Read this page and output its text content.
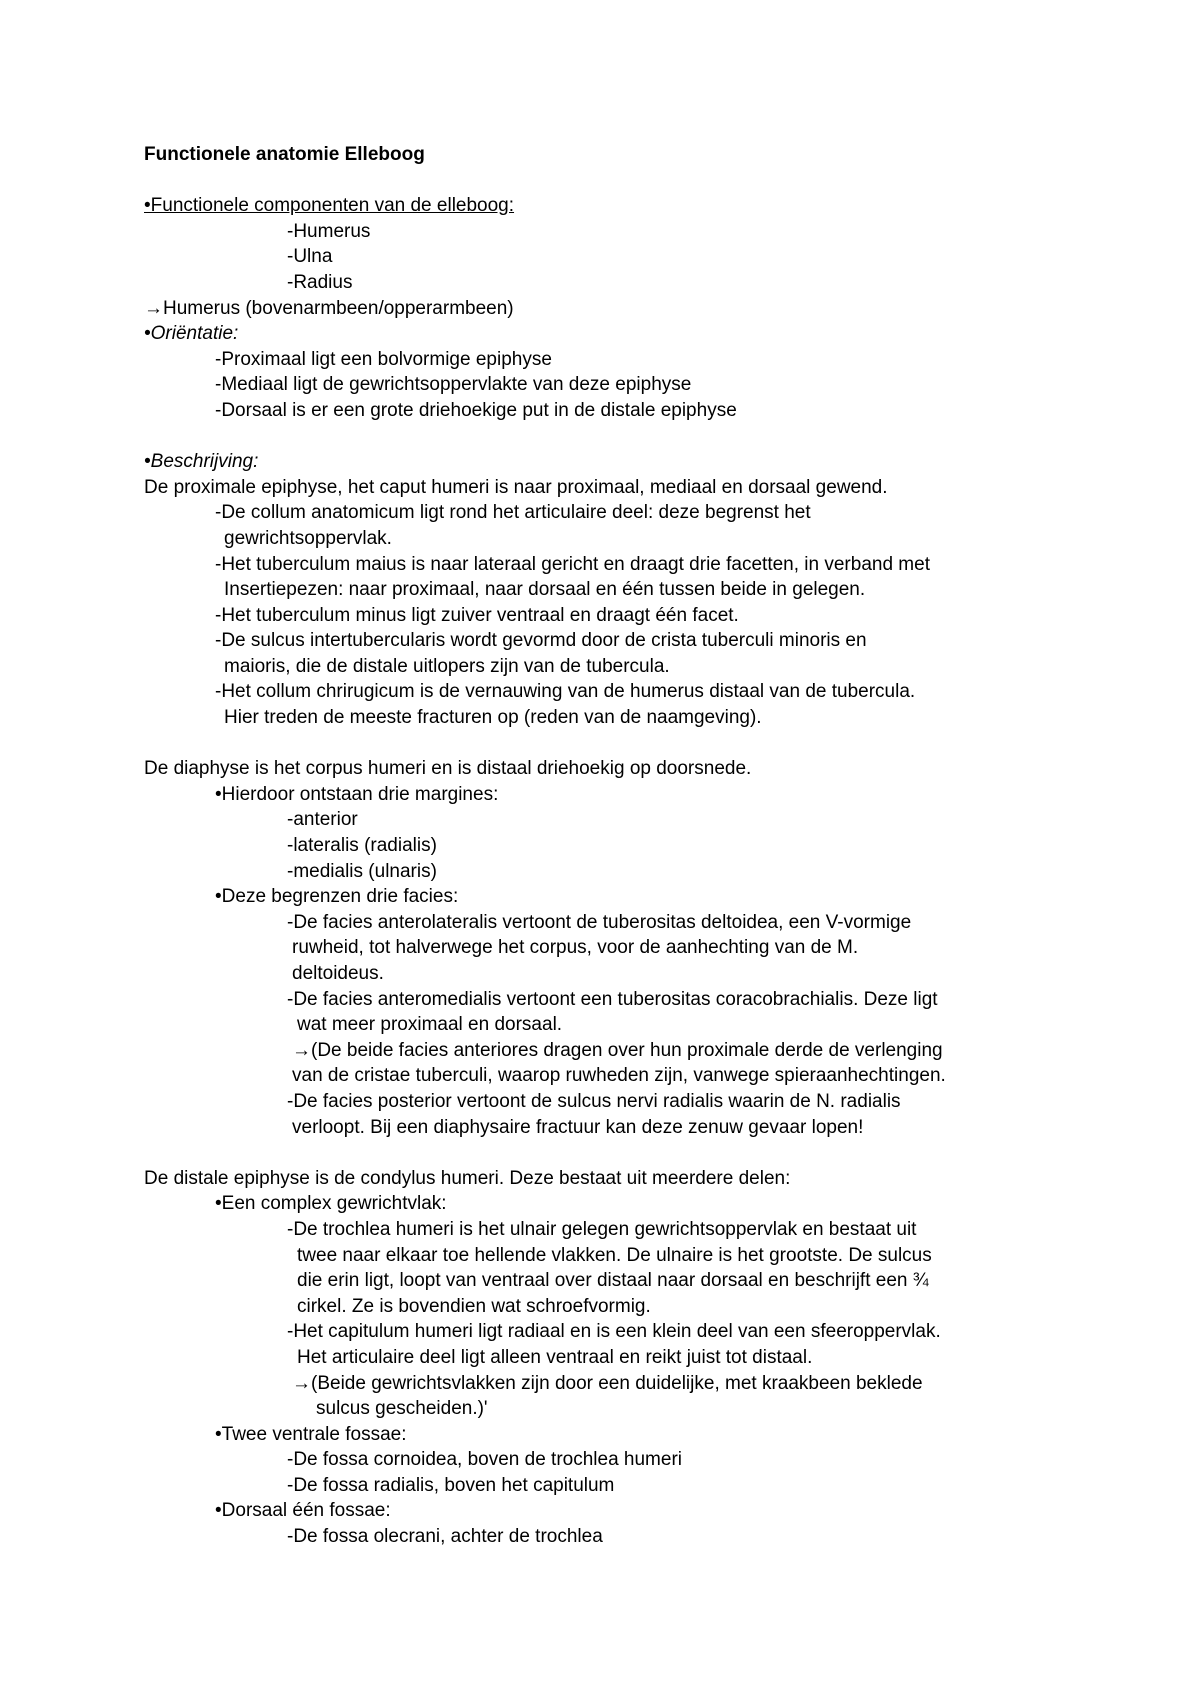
Functionele anatomie Elleboog
•Functionele componenten van de elleboog:
-Humerus
-Ulna
-Radius
→Humerus (bovenarmbeen/opperarmbeen)
•Oriëntatie:
-Proximaal ligt een bolvormige epiphyse
-Mediaal ligt de gewrichtsoppervlakte van deze epiphyse
-Dorsaal is er een grote driehoekige put in de distale epiphyse
•Beschrijving:
De proximale epiphyse, het caput humeri is naar proximaal, mediaal en dorsaal gewend.
-De collum anatomicum ligt rond het articulaire deel: deze begrenst het
gewrichtsoppervlak.
-Het tuberculum maius is naar lateraal gericht en draagt drie facetten, in verband met
Insertiepezen: naar proximaal, naar dorsaal en één tussen beide in gelegen.
-Het tuberculum minus ligt zuiver ventraal en draagt één facet.
-De sulcus intertubercularis wordt gevormd door de crista tuberculi minoris en
maioris, die de distale uitlopers zijn van de tubercula.
-Het collum chrirugicum is de vernauwing van de humerus distaal van de tubercula.
Hier treden de meeste fracturen op (reden van de naamgeving).
De diaphyse is het corpus humeri en is distaal driehoekig op doorsnede.
•Hierdoor ontstaan drie margines:
-anterior
-lateralis (radialis)
-medialis (ulnaris)
•Deze begrenzen drie facies:
-De facies anterolateralis vertoont de tuberositas deltoidea, een V-vormige
ruwheid, tot halverwege het corpus, voor de aanhechting van de M.
deltoideus.
-De facies anteromedialis vertoont een tuberositas coracobrachialis. Deze ligt
wat meer proximaal en dorsaal.
→(De beide facies anteriores dragen over hun proximale derde de verlenging
van de cristae tuberculi, waarop ruwheden zijn, vanwege spieraanhechtingen.
-De facies posterior vertoont de sulcus nervi radialis waarin de N. radialis
verloopt. Bij een diaphysaire fractuur kan deze zenuw gevaar lopen!
De distale epiphyse is de condylus humeri. Deze bestaat uit meerdere delen:
•Een complex gewrichtvlak:
-De trochlea humeri is het ulnair gelegen gewrichtsoppervlak en bestaat uit
twee naar elkaar toe hellende vlakken. De ulnaire is het grootste. De sulcus
die erin ligt, loopt van ventraal over distaal naar dorsaal en beschrijft een ¾
cirkel. Ze is bovendien wat schroefvormig.
-Het capitulum humeri ligt radiaal en is een klein deel van een sfeeroppervlak.
Het articulaire deel ligt alleen ventraal en reikt juist tot distaal.
→(Beide gewrichtsvlakken zijn door een duidelijke, met kraakbeen beklede
sulcus gescheiden.)'
•Twee ventrale fossae:
-De fossa cornoidea, boven de trochlea humeri
-De fossa radialis, boven het capitulum
•Dorsaal één fossae:
-De fossa olecrani, achter de trochlea
